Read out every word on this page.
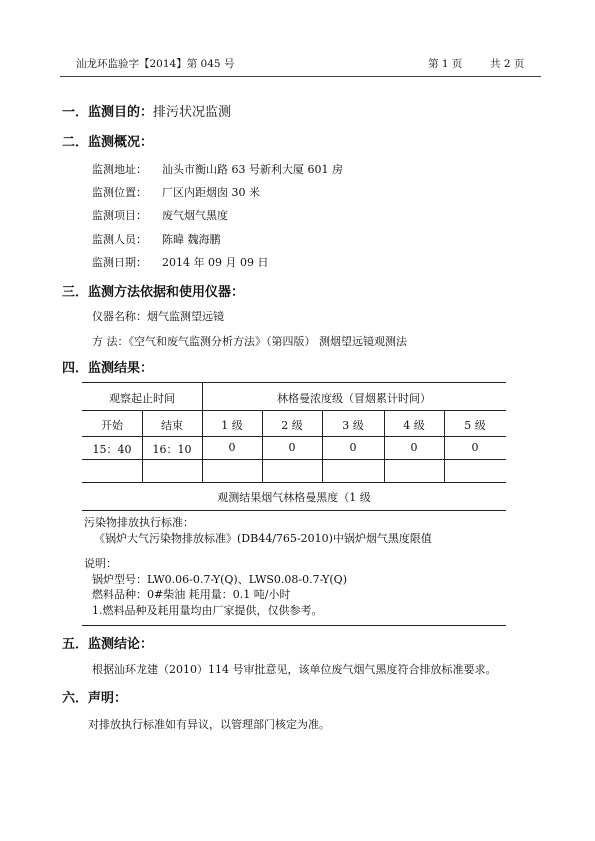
汕龙环监验字【2014】第 045 号	第 1 页	共 2 页
一．监测目的：排污状况监测
二．监测概况：
监测地址： 汕头市衡山路 63 号新利大厦 601 房
监测位置： 厂区内距烟囱 30 米
监测项目： 废气烟气黑度
监测人员： 陈暐 魏海鹏
监测日期： 2014 年 09 月 09 日
三．监测方法依据和使用仪器：
仪器名称：烟气监测望远镜
方 法：《空气和废气监测分析方法》（第四版） 测烟望远镜观测法
四．监测结果：
观察起止时间	林格曼浓度级（冒烟累计时间）
开始	结束	1 级	2 级	3 级	4 级	5 级
15：40	16：10	0	0	0	0	0
观测结果烟气林格曼黑度（1 级
污染物排放执行标准：
《锅炉大气污染物排放标准》(DB44/765-2010)中锅炉烟气黑度限值
说明：
锅炉型号：LW0.06-0.7-Y(Q)、LWS0.08-0.7-Y(Q)
燃料品种：0#柴油 耗用量：0.1 吨/小时
1.燃料品种及耗用量均由厂家提供，仅供参考。
五．监测结论：
根据汕环龙建（2010）114 号审批意见，该单位废气烟气黑度符合排放标准要求。
六．声明：
对排放执行标准如有异议，以管理部门核定为准。
